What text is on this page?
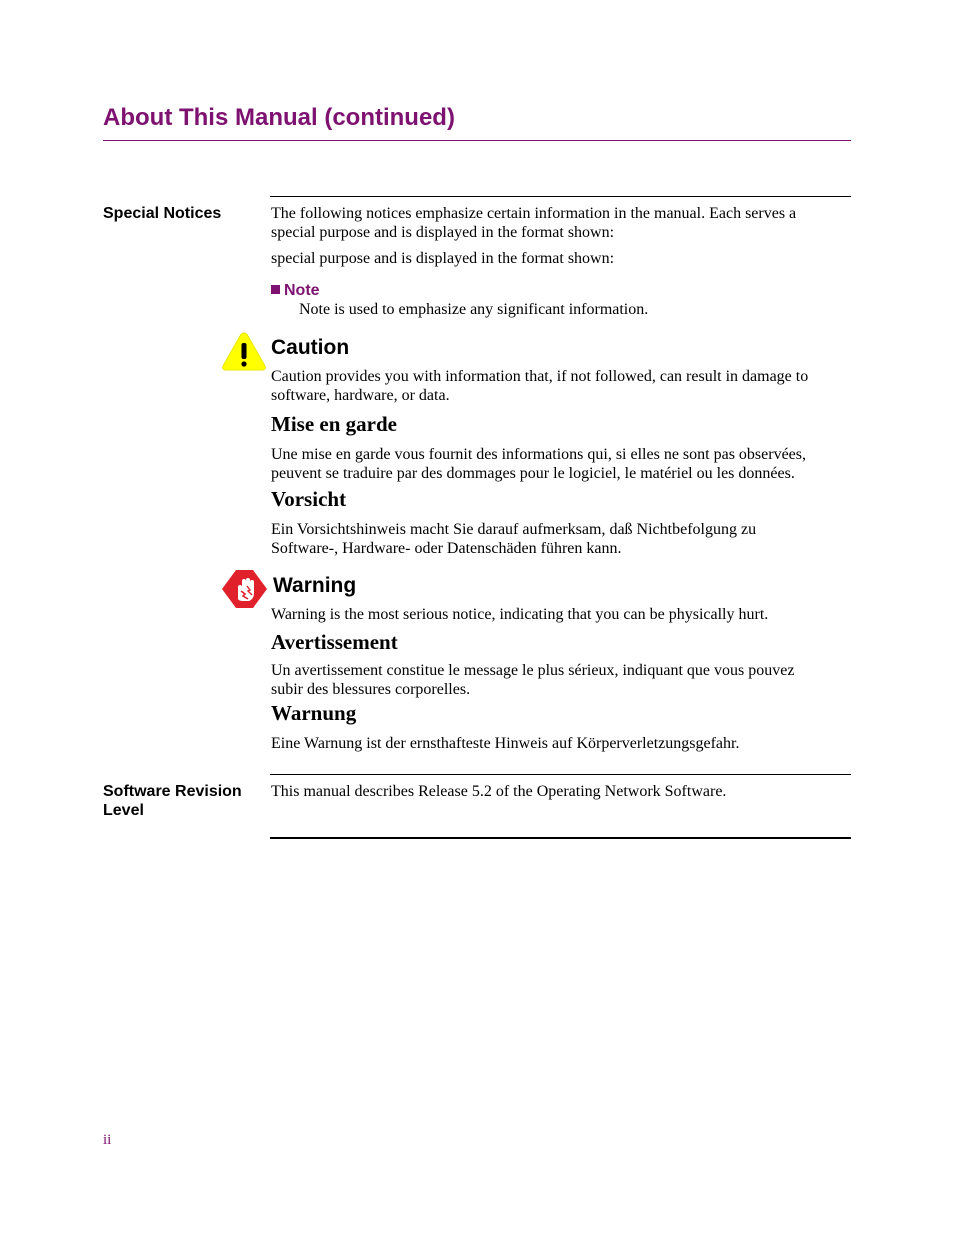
About This Manual (continued)
Special Notices	The following notices emphasize certain information in the manual. Each serves a
special purpose and is displayed in the format shown:
special purpose and is displayed in the format shown:
Note
Note is used to emphasize any significant information.
Caution
Caution provides you with information that, if not followed, can result in damage to
software, hardware, or data.
Mise en garde
Une mise en garde vous fournit des informations qui, si elles ne sont pas observées,
peuvent se traduire par des dommages pour le logiciel, le matériel ou les données.
Vorsicht
Ein Vorsichtshinweis macht Sie darauf aufmerksam, daß Nichtbefolgung zu
Software-, Hardware- oder Datenschäden führen kann.
Warning
Warning is the most serious notice, indicating that you can be physically hurt.
Avertissement
Un avertissement constitue le message le plus sérieux, indiquant que vous pouvez
subir des blessures corporelles.
Warnung
Eine Warnung ist der ernsthafteste Hinweis auf Körperverletzungsgefahr.
Software Revision
Level
This manual describes Release 5.2 of the Operating Network Software.
ii
